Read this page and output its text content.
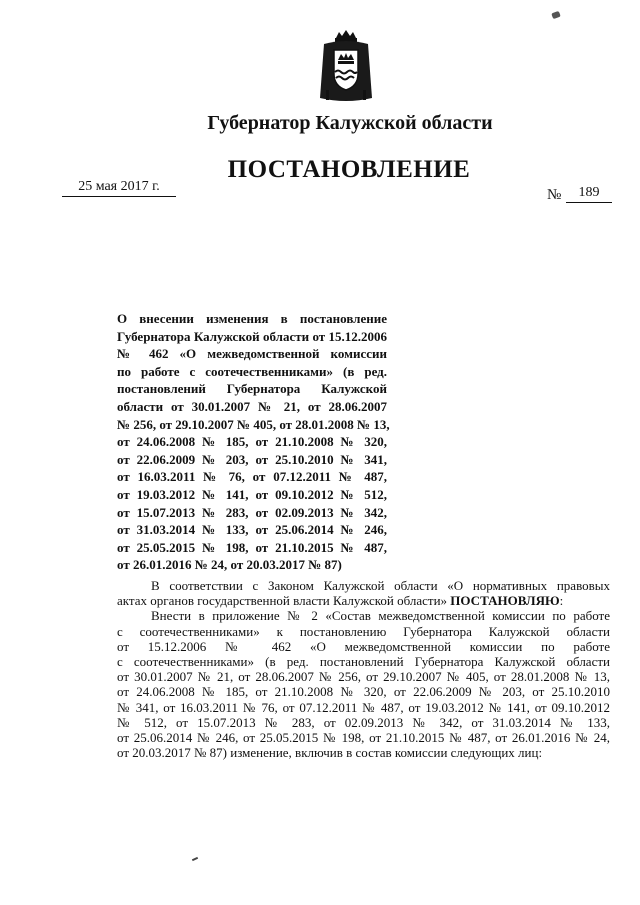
Губернатор Калужской области
ПОСТАНОВЛЕНИЕ
25 мая 2017 г.
№	189
О внесении изменения в постановление
Губернатора Калужской области от 15.12.2006
№ 462 «О межведомственной комиссии
по работе с соотечественниками» (в ред.
постановлений Губернатора Калужской
области от 30.01.2007 № 21, от 28.06.2007
№ 256, от 29.10.2007 № 405, от 28.01.2008 № 13,
от 24.06.2008 № 185, от 21.10.2008 № 320,
от 22.06.2009 № 203, от 25.10.2010 № 341,
от 16.03.2011 № 76, от 07.12.2011 № 487,
от 19.03.2012 № 141, от 09.10.2012 № 512,
от 15.07.2013 № 283, от 02.09.2013 № 342,
от 31.03.2014 № 133, от 25.06.2014 № 246,
от 25.05.2015 № 198, от 21.10.2015 № 487,
от 26.01.2016 № 24, от 20.03.2017 № 87)
В соответствии с Законом Калужской области «О нормативных правовых
актах органов государственной власти Калужской области» ПОСТАНОВЛЯЮ:
Внести в приложение № 2 «Состав межведомственной комиссии по работе
с соотечественниками» к постановлению Губернатора Калужской области
от 15.12.2006 № 462 «О межведомственной комиссии по работе
с соотечественниками» (в ред. постановлений Губернатора Калужской области
от 30.01.2007 № 21, от 28.06.2007 № 256, от 29.10.2007 № 405, от 28.01.2008 № 13,
от 24.06.2008 № 185, от 21.10.2008 № 320, от 22.06.2009 № 203, от 25.10.2010
№ 341, от 16.03.2011 № 76, от 07.12.2011 № 487, от 19.03.2012 № 141, от 09.10.2012
№ 512, от 15.07.2013 № 283, от 02.09.2013 № 342, от 31.03.2014 № 133,
от 25.06.2014 № 246, от 25.05.2015 № 198, от 21.10.2015 № 487, от 26.01.2016 № 24,
от 20.03.2017 № 87) изменение, включив в состав комиссии следующих лиц:
